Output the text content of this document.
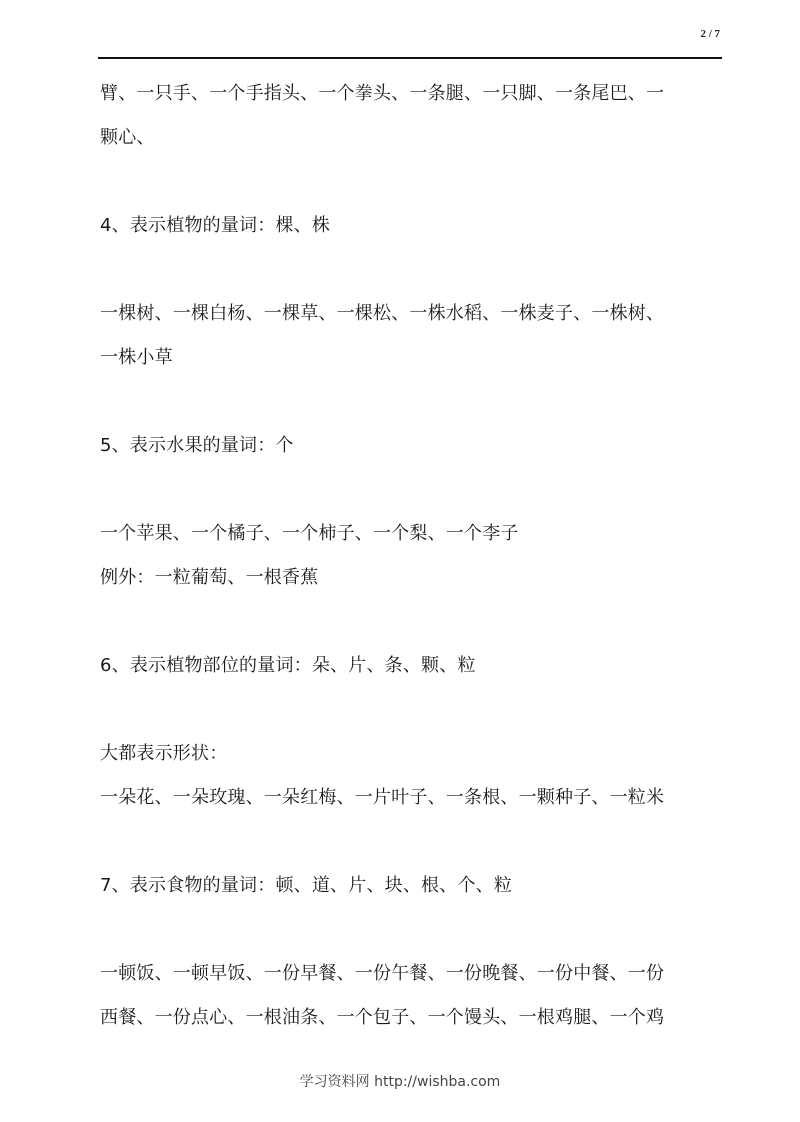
2 / 7
臂、一只手、一个手指头、一个拳头、一条腿、一只脚、一条尾巴、一
颗心、
4、表示植物的量词：棵、株
一棵树、一棵白杨、一棵草、一棵松、一株水稻、一株麦子、一株树、
一株小草
5、表示水果的量词：个
一个苹果、一个橘子、一个柿子、一个梨、一个李子
例外：一粒葡萄、一根香蕉
6、表示植物部位的量词：朵、片、条、颗、粒
大都表示形状：
一朵花、一朵玫瑰、一朵红梅、一片叶子、一条根、一颗种子、一粒米
7、表示食物的量词：顿、道、片、块、根、个、粒
一顿饭、一顿早饭、一份早餐、一份午餐、一份晚餐、一份中餐、一份
西餐、一份点心、一根油条、一个包子、一个馒头、一根鸡腿、一个鸡
学习资料网 http://wishba.com
